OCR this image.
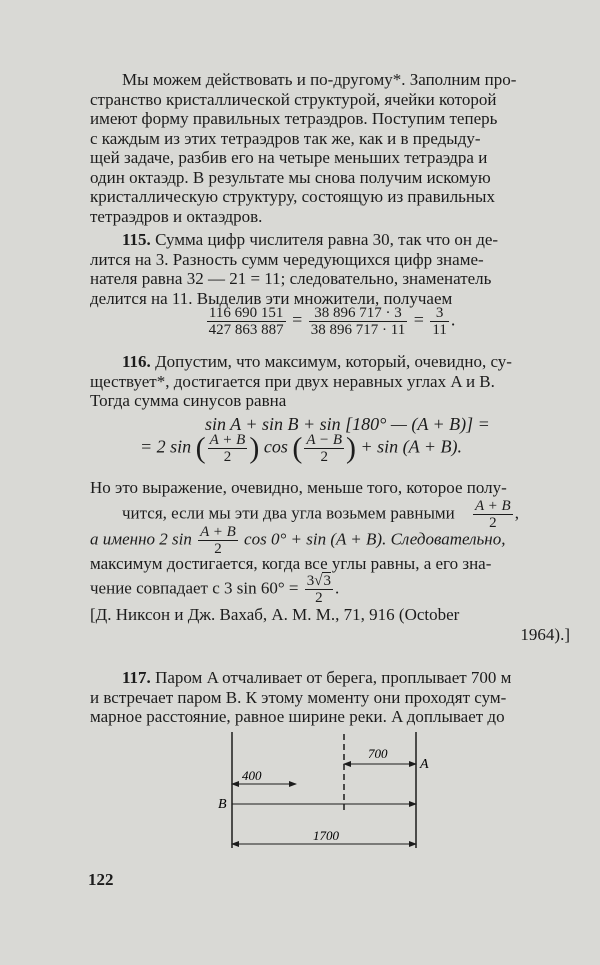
Мы можем действовать и по-другому*. Заполним про-
странство кристаллической структурой, ячейки которой
имеют форму правильных тетраэдров. Поступим теперь
с каждым из этих тетраэдров так же, как и в предыду-
щей задаче, разбив его на четыре меньших тетраэдра и
один октаэдр. В результате мы снова получим искомую
кристаллическую структуру, состоящую из правильных
тетраэдров и октаэдров.
115. Сумма цифр числителя равна 30, так что он де-
лится на 3. Разность сумм чередующихся цифр знаме-
нателя равна 32 — 21 = 11; следовательно, знаменатель
делится на 11. Выделив эти множители, получаем
$\frac{116 690 151}{427 863 887} = \frac{38 896 717 \cdot 3}{38 896 717 \cdot 11} = \frac{3}{11}$ .
116. Допустим, что максимум, который, очевидно, су-
ществует*, достигается при двух неравных углах A и B.
Тогда сумма синусов равна
sin A + sin B + sin [180° — (A + B)] =
= 2 sin ( $\frac{A + B}{2}$ ) cos ( $\frac{A - B}{2}$ ) + sin (A + B).
Но это выражение, очевидно, меньше того, которое полу-
чится, если мы эти два угла возьмем равными $\frac{A + B}{2}$ ,
а именно 2 $\sin \frac{A + B}{2}$ cos 0° + sin (A + B). Следовательно,
максимум достигается, когда все углы равны, а его зна-
чение совпадает с 3 $\sin 60^\circ = \frac{3√3}{2}$ .
[Д. Никсон и Дж. Вахаб, А. М. М., 71, 916 (October
1964).]
117. Паром A отчаливает от берега, проплывает 700 м
и встречает паром B. К этому моменту они проходят сум-
марное расстояние, равное ширине реки. A доплывает до
700
A
400
B
1700
122
